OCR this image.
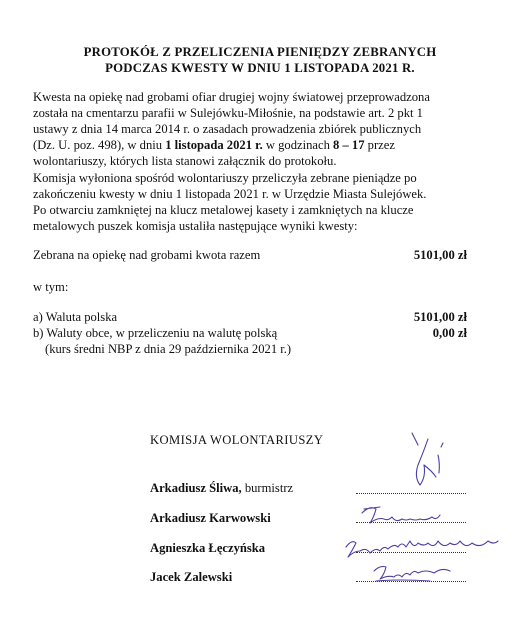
PROTOKÓŁ Z PRZELICZENIA PIENIĘDZY ZEBRANYCH
PODCZAS KWESTY W DNIU 1 LISTOPADA 2021 R.

Kwesta na opiekę nad grobami ofiar drugiej wojny światowej przeprowadzona

została na cmentarzu parafii w Sulejówku-Miłośnie, na podstawie art. 2 pkt 1

ustawy z dnia 14 marca 2014 r. o zasadach prowadzenia zbiórek publicznych

(Dz. U. poz. 498), w dniu 1 listopada 2021 r. w godzinach 8 – 17 przez

wolontariuszy, których lista stanowi załącznik do protokołu.

Komisja wyłoniona spośród wolontariuszy przeliczyła zebrane pieniądze po

zakończeniu kwesty w dniu 1 listopada 2021 r. w Urzędzie Miasta Sulejówek.

Po otwarciu zamkniętej na klucz metalowej kasety i zamkniętych na klucze

metalowych puszek komisja ustaliła następujące wyniki kwesty:

Zebrana na opiekę nad grobami kwota razem	5101,00 zł
w tym:
a) Waluta polska	5101,00 zł
b) Waluty obce, w przeliczeniu na walutę polską	0,00 zł
(kurs średni NBP z dnia 29 października 2021 r.)
KOMISJA WOLONTARIUSZY
Arkadiusz Śliwa, burmistrz
Arkadiusz Karwowski
Agnieszka Łęczyńska
Jacek Zalewski
